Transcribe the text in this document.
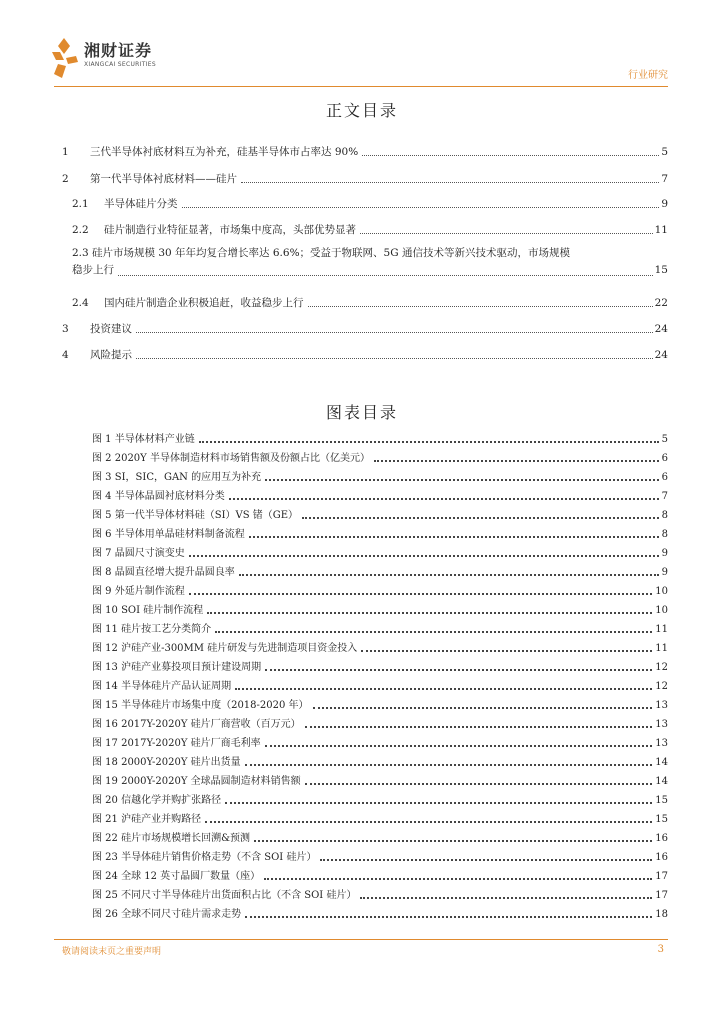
湘财证券
XIANGCAI SECURITIES
行业研究
正文目录
1	三代半导体衬底材料互为补充，硅基半导体市占率达 90%	5
2	第一代半导体衬底材料——硅片	7
2.1	半导体硅片分类	9
2.2	硅片制造行业特征显著，市场集中度高，头部优势显著	11
2.3 硅片市场规模 30 年年均复合增长率达 6.6%；受益于物联网、5G 通信技术等新兴技术驱动，市场规模
稳步上行	15
2.4	国内硅片制造企业积极追赶，收益稳步上行	22
3	投资建议	24
4	风险提示	24
图表目录
图 1 半导体材料产业链	5
图 2 2020Y 半导体制造材料市场销售额及份额占比（亿美元）	6
图 3 SI，SIC，GAN 的应用互为补充	6
图 4 半导体晶圆衬底材料分类	7
图 5 第一代半导体材料硅（SI）VS 锗（GE）	8
图 6 半导体用单晶硅材料制备流程	8
图 7 晶圆尺寸演变史	9
图 8 晶圆直径增大提升晶圆良率	9
图 9 外延片制作流程	10
图 10 SOI 硅片制作流程	10
图 11 硅片按工艺分类简介	11
图 12 沪硅产业-300MM 硅片研发与先进制造项目资金投入	11
图 13 沪硅产业募投项目预计建设周期	12
图 14 半导体硅片产品认证周期	12
图 15 半导体硅片市场集中度（2018-2020 年）	13
图 16 2017Y-2020Y 硅片厂商营收（百万元）	13
图 17 2017Y-2020Y 硅片厂商毛利率	13
图 18 2000Y-2020Y 硅片出货量	14
图 19 2000Y-2020Y 全球晶圆制造材料销售额	14
图 20 信越化学并购扩张路径	15
图 21 沪硅产业并购路径	15
图 22 硅片市场规模增长回溯&预测	16
图 23 半导体硅片销售价格走势（不含 SOI 硅片）	16
图 24 全球 12 英寸晶圆厂数量（座）	17
图 25 不同尺寸半导体硅片出货面积占比（不含 SOI 硅片）	17
图 26 全球不同尺寸硅片需求走势	18
敬请阅读末页之重要声明	3
